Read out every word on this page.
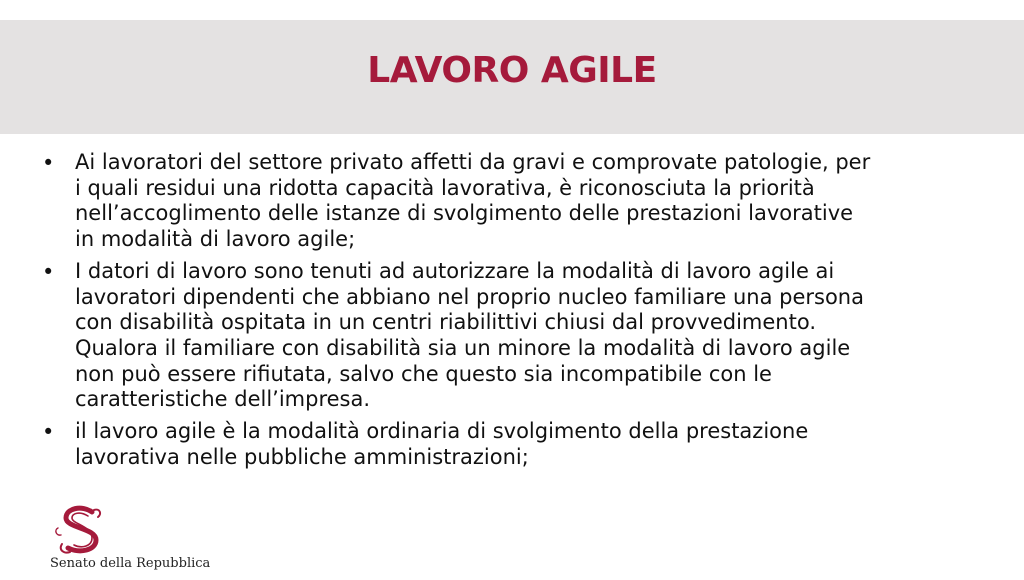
LAVORO AGILE
• Ai lavoratori del settore privato affetti da gravi e comprovate patologie, per
i quali residui una ridotta capacità lavorativa, è riconosciuta la priorità
nell’accoglimento delle istanze di svolgimento delle prestazioni lavorative
in modalità di lavoro agile;
• I datori di lavoro sono tenuti ad autorizzare la modalità di lavoro agile ai
lavoratori dipendenti che abbiano nel proprio nucleo familiare una persona
con disabilità ospitata in un centri riabilittivi chiusi dal provvedimento.
Qualora il familiare con disabilità sia un minore la modalità di lavoro agile
non può essere rifiutata, salvo che questo sia incompatibile con le
caratteristiche dell’impresa.
• il lavoro agile è la modalità ordinaria di svolgimento della prestazione
lavorativa nelle pubbliche amministrazioni;
Senato della Repubblica
